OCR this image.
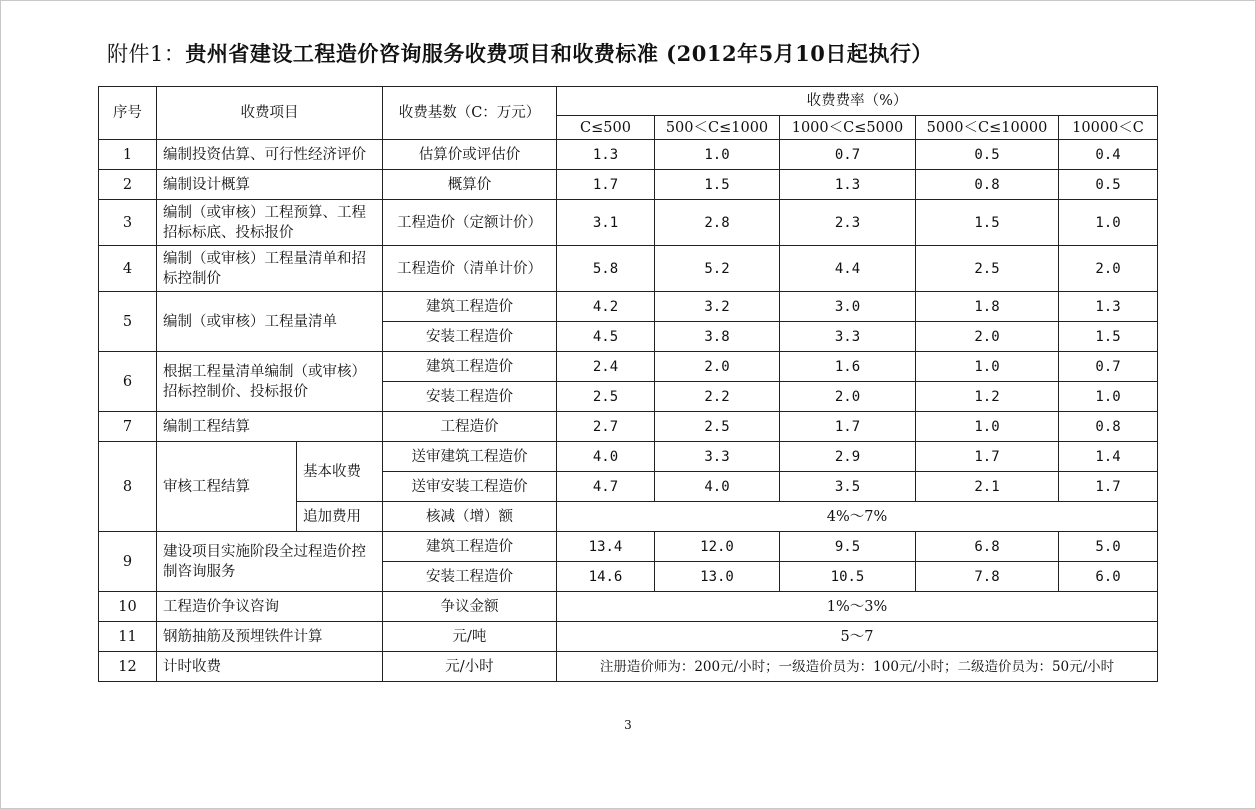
附件1：贵州省建设工程造价咨询服务收费项目和收费标准 (2012年5月10日起执行）
序号	收费项目		收费基数（C：万元）	收费费率（%）				
				C≤500	500＜C≤1000	1000＜C≤5000	5000＜C≤10000	10000＜C
1	编制投资估算、可行性经济评价		估算价或评估价	1.3	1.0	0.7	0.5	0.4
2	编制设计概算		概算价	1.7	1.5	1.3	0.8	0.5
3	编制（或审核）工程预算、工程招标标底、投标报价		工程造价（定额计价）	3.1	2.8	2.3	1.5	1.0
4	编制（或审核）工程量清单和招标控制价		工程造价（清单计价）	5.8	5.2	4.4	2.5	2.0
5	编制（或审核）工程量清单		建筑工程造价	4.2	3.2	3.0	1.8	1.3
			安装工程造价	4.5	3.8	3.3	2.0	1.5
6	根据工程量清单编制（或审核）招标控制价、投标报价		建筑工程造价	2.4	2.0	1.6	1.0	0.7
			安装工程造价	2.5	2.2	2.0	1.2	1.0
7	编制工程结算		工程造价	2.7	2.5	1.7	1.0	0.8
8	审核工程结算	基本收费	送审建筑工程造价	4.0	3.3	2.9	1.7	1.4
			送审安装工程造价	4.7	4.0	3.5	2.1	1.7
		追加费用	核减（增）额	4%～7%				
9	建设项目实施阶段全过程造价控制咨询服务		建筑工程造价	13.4	12.0	9.5	6.8	5.0
			安装工程造价	14.6	13.0	10.5	7.8	6.0
10	工程造价争议咨询		争议金额	1%～3%				
11	钢筋抽筋及预埋铁件计算		元/吨	5～7				
12	计时收费		元/小时	注册造价师为：200元/小时；一级造价员为：100元/小时；二级造价员为：50元/小时				
3
